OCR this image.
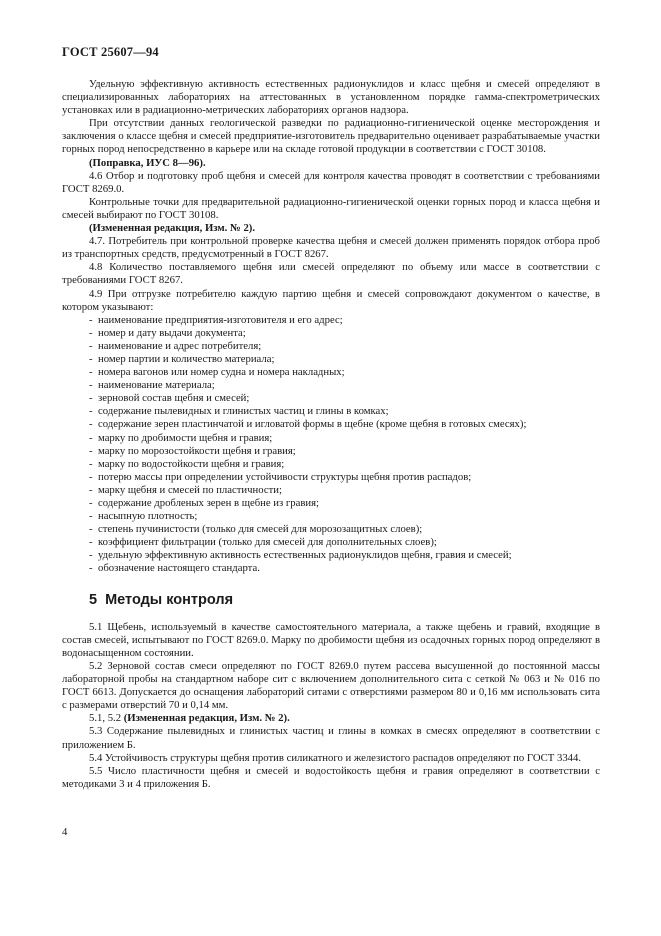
ГОСТ 25607—94

Удельную эффективную активность естественных радионуклидов и класс щебня и смесей определяют в специализированных лабораториях на аттестованных в установленном порядке гамма-спектрометрических установках или в радиационно-метрических лабораториях органов надзора.

При отсутствии данных геологической разведки по радиационно-гигиенической оценке месторождения и заключения о классе щебня и смесей предприятие-изготовитель предварительно оценивает разрабатываемые участки горных пород непосредственно в карьере или на складе готовой продукции в соответствии с ГОСТ 30108.

(Поправка, ИУС 8—96).

4.6 Отбор и подготовку проб щебня и смесей для контроля качества проводят в соответствии с требованиями ГОСТ 8269.0.

Контрольные точки для предварительной радиационно-гигиенической оценки горных пород и класса щебня и смесей выбирают по ГОСТ 30108.

(Измененная редакция, Изм. № 2).

4.7. Потребитель при контрольной проверке качества щебня и смесей должен применять порядок отбора проб из транспортных средств, предусмотренный в ГОСТ 8267.

4.8 Количество поставляемого щебня или смесей определяют по объему или массе в соответствии с требованиями ГОСТ 8267.

4.9 При отгрузке потребителю каждую партию щебня и смесей сопровождают документом о качестве, в котором указывают:

- наименование предприятия-изготовителя и его адрес;
- номер и дату выдачи документа;
- наименование и адрес потребителя;
- номер партии и количество материала;
- номера вагонов или номер судна и номера накладных;
- наименование материала;
- зерновой состав щебня и смесей;
- содержание пылевидных и глинистых частиц и глины в комках;
- содержание зерен пластинчатой и игловатой формы в щебне (кроме щебня в готовых смесях);
- марку по дробимости щебня и гравия;
- марку по морозостойкости щебня и гравия;
- марку по водостойкости щебня и гравия;
- потерю массы при определении устойчивости структуры щебня против распадов;
- марку щебня и смесей по пластичности;
- содержание дробленых зерен в щебне из гравия;
- насыпную плотность;
- степень пучинистости (только для смесей для морозозащитных слоев);
- коэффициент фильтрации (только для смесей для дополнительных слоев);
- удельную эффективную активность естественных радионуклидов щебня, гравия и смесей;
- обозначение настоящего стандарта.
5 Методы контроля

5.1 Щебень, используемый в качестве самостоятельного материала, а также щебень и гравий, входящие в состав смесей, испытывают по ГОСТ 8269.0. Марку по дробимости щебня из осадочных горных пород определяют в водонасыщенном состоянии.

5.2 Зерновой состав смеси определяют по ГОСТ 8269.0 путем рассева высушенной до постоянной массы лабораторной пробы на стандартном наборе сит с включением дополнительного сита с сеткой № 063 и № 016 по ГОСТ 6613. Допускается до оснащения лабораторий ситами с отверстиями размером 80 и 0,16 мм использовать сита с размерами отверстий 70 и 0,14 мм.

5.1, 5.2 (Измененная редакция, Изм. № 2).

5.3 Содержание пылевидных и глинистых частиц и глины в комках в смесях определяют в соответствии с приложением Б.

5.4 Устойчивость структуры щебня против силикатного и железистого распадов определяют по ГОСТ 3344.

5.5 Число пластичности щебня и смесей и водостойкость щебня и гравия определяют в соответствии с методиками 3 и 4 приложения Б.

4
